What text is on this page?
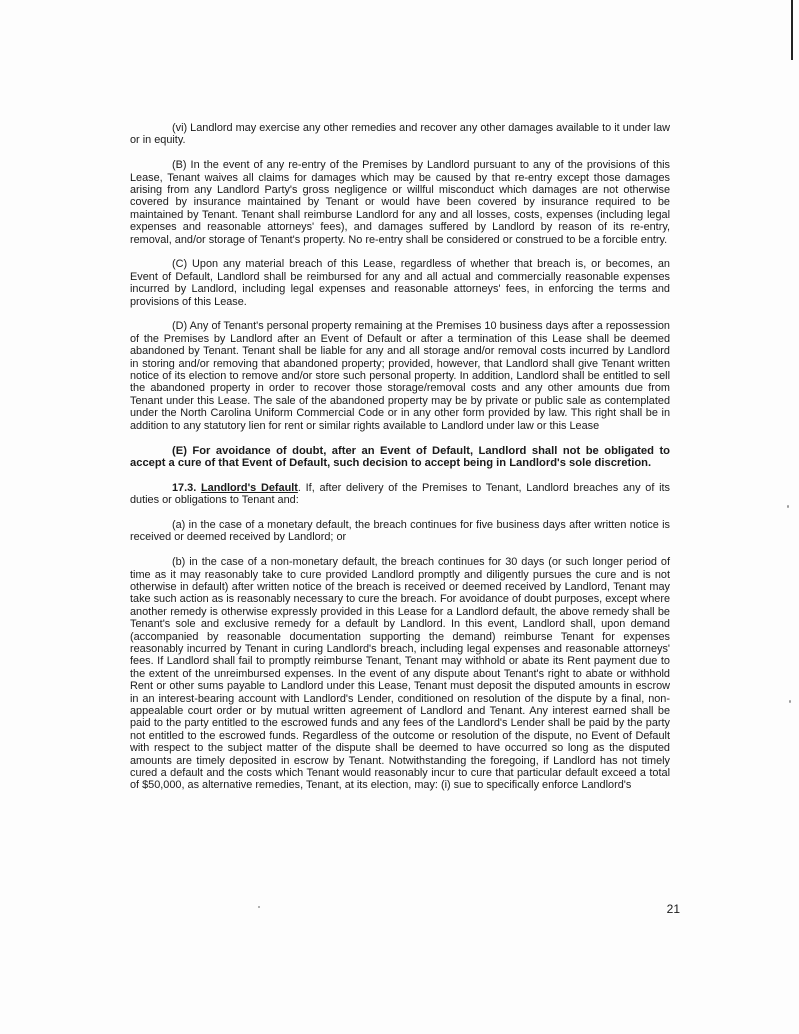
(vi) Landlord may exercise any other remedies and recover any other damages available to it under law or in equity.

(B) In the event of any re-entry of the Premises by Landlord pursuant to any of the provisions of this Lease, Tenant waives all claims for damages which may be caused by that re-entry except those damages arising from any Landlord Party's gross negligence or willful misconduct which damages are not otherwise covered by insurance maintained by Tenant or would have been covered by insurance required to be maintained by Tenant. Tenant shall reimburse Landlord for any and all losses, costs, expenses (including legal expenses and reasonable attorneys' fees), and damages suffered by Landlord by reason of its re-entry, removal, and/or storage of Tenant's property. No re-entry shall be considered or construed to be a forcible entry.

(C) Upon any material breach of this Lease, regardless of whether that breach is, or becomes, an Event of Default, Landlord shall be reimbursed for any and all actual and commercially reasonable expenses incurred by Landlord, including legal expenses and reasonable attorneys' fees, in enforcing the terms and provisions of this Lease.

(D) Any of Tenant's personal property remaining at the Premises 10 business days after a repossession of the Premises by Landlord after an Event of Default or after a termination of this Lease shall be deemed abandoned by Tenant. Tenant shall be liable for any and all storage and/or removal costs incurred by Landlord in storing and/or removing that abandoned property; provided, however, that Landlord shall give Tenant written notice of its election to remove and/or store such personal property. In addition, Landlord shall be entitled to sell the abandoned property in order to recover those storage/removal costs and any other amounts due from Tenant under this Lease. The sale of the abandoned property may be by private or public sale as contemplated under the North Carolina Uniform Commercial Code or in any other form provided by law. This right shall be in addition to any statutory lien for rent or similar rights available to Landlord under law or this Lease

(E) For avoidance of doubt, after an Event of Default, Landlord shall not be obligated to accept a cure of that Event of Default, such decision to accept being in Landlord's sole discretion.

17.3. Landlord's Default. If, after delivery of the Premises to Tenant, Landlord breaches any of its duties or obligations to Tenant and:

(a) in the case of a monetary default, the breach continues for five business days after written notice is received or deemed received by Landlord; or

(b) in the case of a non-monetary default, the breach continues for 30 days (or such longer period of time as it may reasonably take to cure provided Landlord promptly and diligently pursues the cure and is not otherwise in default) after written notice of the breach is received or deemed received by Landlord, Tenant may take such action as is reasonably necessary to cure the breach. For avoidance of doubt purposes, except where another remedy is otherwise expressly provided in this Lease for a Landlord default, the above remedy shall be Tenant's sole and exclusive remedy for a default by Landlord. In this event, Landlord shall, upon demand (accompanied by reasonable documentation supporting the demand) reimburse Tenant for expenses reasonably incurred by Tenant in curing Landlord's breach, including legal expenses and reasonable attorneys' fees. If Landlord shall fail to promptly reimburse Tenant, Tenant may withhold or abate its Rent payment due to the extent of the unreimbursed expenses. In the event of any dispute about Tenant's right to abate or withhold Rent or other sums payable to Landlord under this Lease, Tenant must deposit the disputed amounts in escrow in an interest-bearing account with Landlord's Lender, conditioned on resolution of the dispute by a final, non-appealable court order or by mutual written agreement of Landlord and Tenant. Any interest earned shall be paid to the party entitled to the escrowed funds and any fees of the Landlord's Lender shall be paid by the party not entitled to the escrowed funds. Regardless of the outcome or resolution of the dispute, no Event of Default with respect to the subject matter of the dispute shall be deemed to have occurred so long as the disputed amounts are timely deposited in escrow by Tenant. Notwithstanding the foregoing, if Landlord has not timely cured a default and the costs which Tenant would reasonably incur to cure that particular default exceed a total of $50,000, as alternative remedies, Tenant, at its election, may: (i) sue to specifically enforce Landlord's

21
